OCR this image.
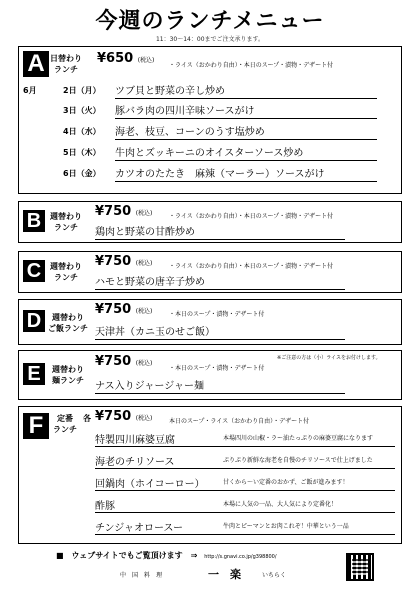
今週のランチメニュー
11：30～14：00までご注文承ります。
A 日替わり
ランチ
¥650 (税込)
・ライス（おかわり自由）・本日のスープ・漬物・デザート付
6月	2日（月） ツブ貝と野菜の辛し炒め
3日（火） 豚バラ肉の四川辛味ソースがけ
4日（水） 海老、枝豆、コーンのうす塩炒め
5日（木） 牛肉とズッキーニのオイスターソース炒め
6日（金） カツオのたたき　麻辣（マーラー）ソースがけ
B	週替わり
ランチ
¥750 (税込)	・ライス（おかわり自由）・本日のスープ・漬物・デザート付
鶏肉と野菜の甘酢炒め
C	週替わり
ランチ
¥750 (税込)	・ライス（おかわり自由）・本日のスープ・漬物・デザート付
ハモと野菜の唐辛子炒め
D	週替わり
ご飯ランチ
¥750 (税込)	・本日のスープ・漬物・デザート付
天津丼（カニ玉のせご飯）
E	週替わり
麺ランチ
¥750 (税込)
※ご注意の方は（小）ライスをお付けします。
・本日のスープ・漬物・デザート付
ナス入りジャージャー麺
F	定番
ランチ
各 ¥750 (税込)	本日のスープ・ライス（おかわり自由）・デザート付
特製四川麻婆豆腐	本場四川の山椒・ラー油たっぷりの麻婆豆腐になります
海老のチリソース	ぷりぷり新鮮な海老を自慢のチリソースで仕上げました
回鍋肉（ホイコーロー）	甘くから～い定番のおかず、ご飯が進みます！
酢豚	本場に人気の一品、大人気により定番化！
チンジャオロースー	牛肉とピーマンとお肉これぞ！中華という一品
■　ウェブサイトでもご覧頂けます　⇒ http://s.gnavi.co.jp/g398800/
中　国　料　理	一　楽	いちらく
